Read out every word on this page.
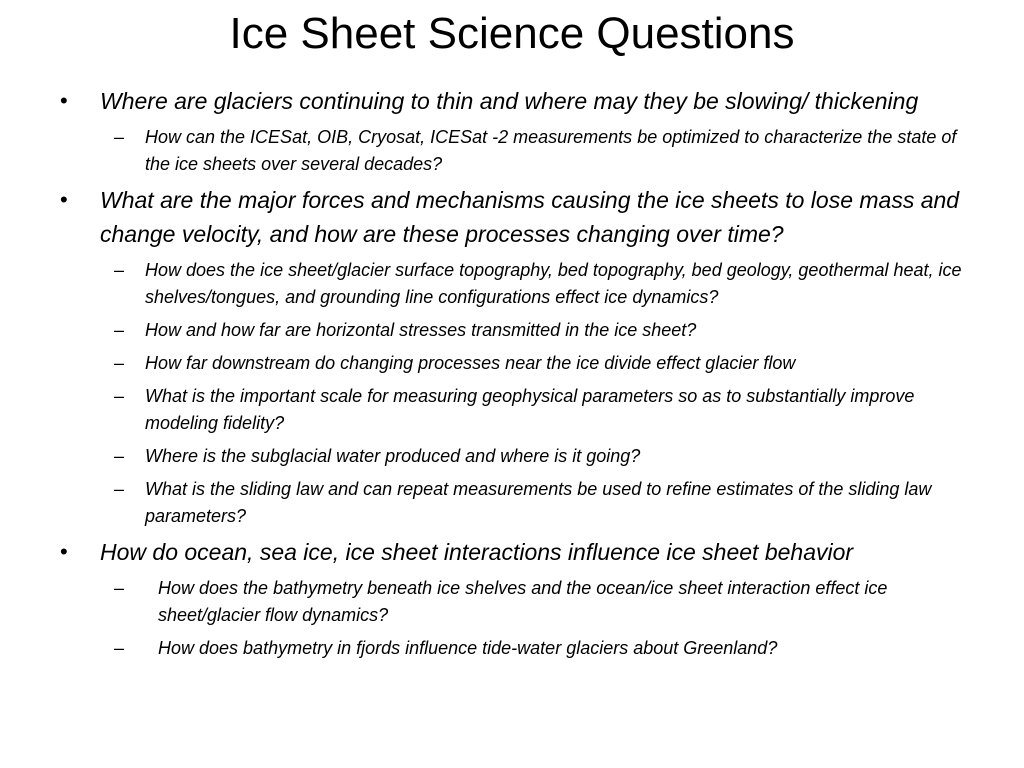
Ice Sheet Science Questions
• Where are glaciers continuing to thin and where may they be slowing/ thickening
– How can the ICESat, OIB, Cryosat, ICESat -2 measurements be optimized to characterize the state of the ice sheets over several decades?
• What are the major forces and mechanisms causing the ice sheets to lose mass and change velocity, and how are these processes changing over time?
– How does the ice sheet/glacier surface topography, bed topography, bed geology, geothermal heat, ice shelves/tongues, and grounding line configurations effect ice dynamics?
– How and how far are horizontal stresses transmitted in the ice sheet?
– How far downstream do changing processes near the ice divide effect glacier flow
– What is the important scale for measuring geophysical parameters so as to substantially improve modeling fidelity?
– Where is the subglacial water produced and where is it going?
– What is the sliding law and can repeat measurements be used to refine estimates of the sliding law parameters?
• How do ocean, sea ice, ice sheet interactions influence ice sheet behavior
– How does the bathymetry beneath ice shelves and the ocean/ice sheet interaction effect ice sheet/glacier flow dynamics?
– How does bathymetry in fjords influence tide-water glaciers about Greenland?
